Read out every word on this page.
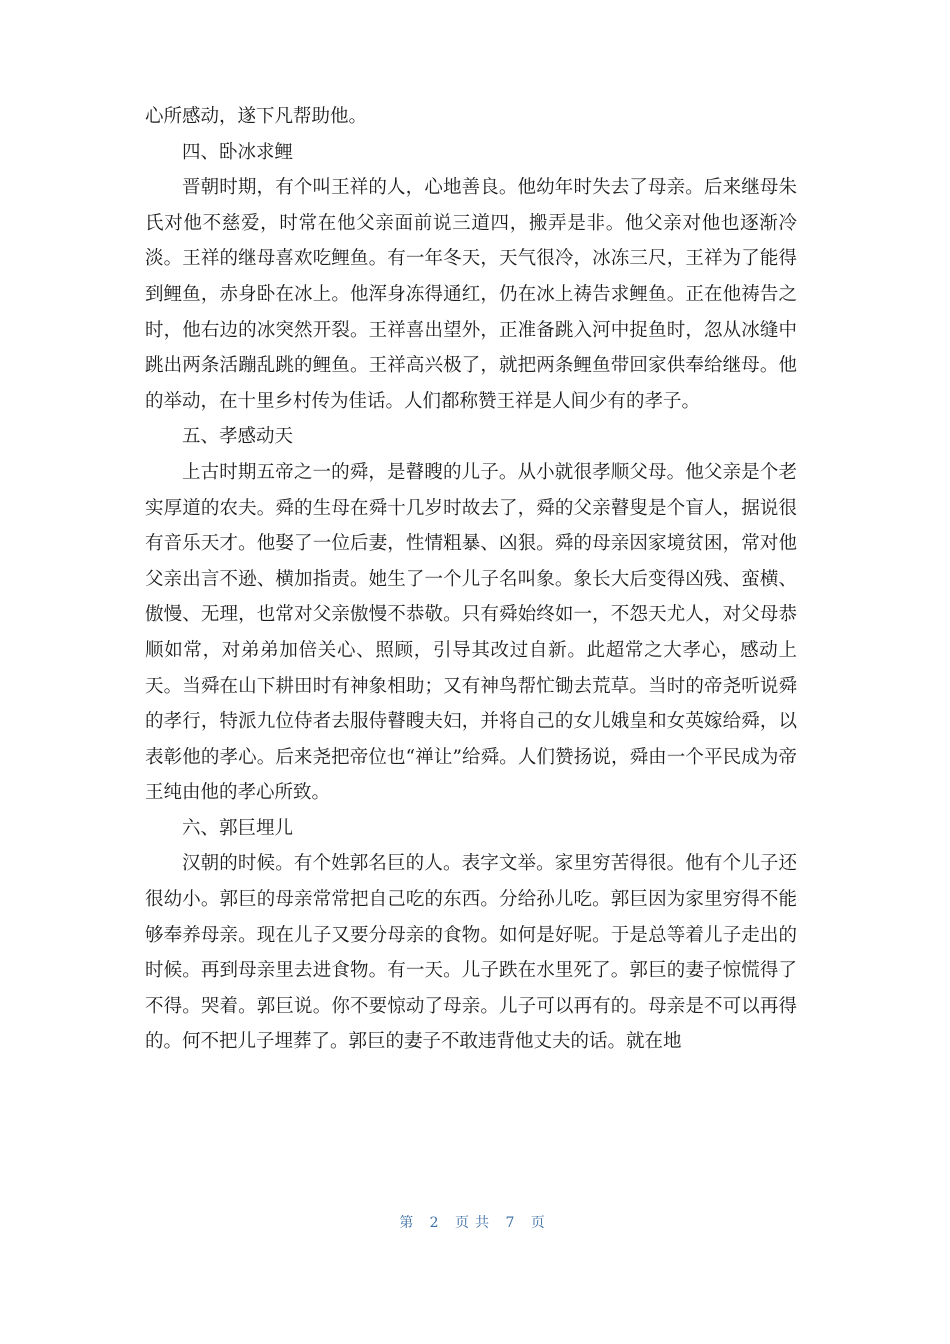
心所感动，遂下凡帮助他。

四、卧冰求鲤

晋朝时期，有个叫王祥的人，心地善良。他幼年时失去了母亲。后来继母朱氏对他不慈爱，时常在他父亲面前说三道四，搬弄是非。他父亲对他也逐渐冷淡。王祥的继母喜欢吃鲤鱼。有一年冬天，天气很冷，冰冻三尺，王祥为了能得到鲤鱼，赤身卧在冰上。他浑身冻得通红，仍在冰上祷告求鲤鱼。正在他祷告之时，他右边的冰突然开裂。王祥喜出望外，正准备跳入河中捉鱼时，忽从冰缝中跳出两条活蹦乱跳的鲤鱼。王祥高兴极了，就把两条鲤鱼带回家供奉给继母。他的举动，在十里乡村传为佳话。人们都称赞王祥是人间少有的孝子。

五、孝感动天

上古时期五帝之一的舜，是瞽瞍的儿子。从小就很孝顺父母。他父亲是个老实厚道的农夫。舜的生母在舜十几岁时故去了，舜的父亲瞽叟是个盲人，据说很有音乐天才。他娶了一位后妻，性情粗暴、凶狠。舜的母亲因家境贫困，常对他父亲出言不逊、横加指责。她生了一个儿子名叫象。象长大后变得凶残、蛮横、傲慢、无理，也常对父亲傲慢不恭敬。只有舜始终如一，不怨天尤人，对父母恭顺如常，对弟弟加倍关心、照顾，引导其改过自新。此超常之大孝心，感动上天。当舜在山下耕田时有神象相助；又有神鸟帮忙锄去荒草。当时的帝尧听说舜的孝行，特派九位侍者去服侍瞽瞍夫妇，并将自己的女儿娥皇和女英嫁给舜，以表彰他的孝心。后来尧把帝位也“禅让”给舜。人们赞扬说，舜由一个平民成为帝王纯由他的孝心所致。

六、郭巨埋儿

汉朝的时候。有个姓郭名巨的人。表字文举。家里穷苦得很。他有个儿子还很幼小。郭巨的母亲常常把自己吃的东西。分给孙儿吃。郭巨因为家里穷得不能够奉养母亲。现在儿子又要分母亲的食物。如何是好呢。于是总等着儿子走出的时候。再到母亲里去进食物。有一天。儿子跌在水里死了。郭巨的妻子惊慌得了不得。哭着。郭巨说。你不要惊动了母亲。儿子可以再有的。母亲是不可以再得的。何不把儿子埋葬了。郭巨的妻子不敢违背他丈夫的话。就在地

第 2 页共 7 页
